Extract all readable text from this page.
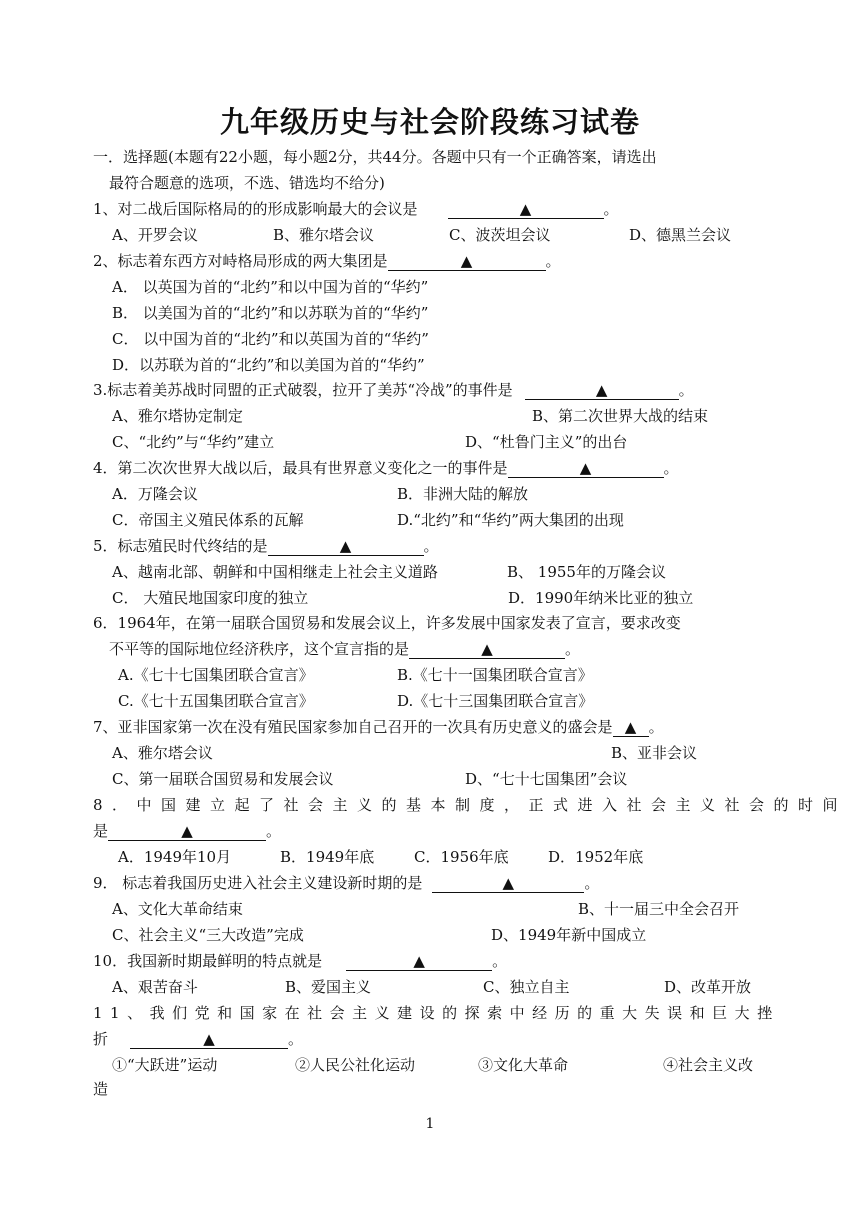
九年级历史与社会阶段练习试卷
一．选择题(本题有22小题，每小题2分，共44分。各题中只有一个正确答案，请选出
最符合题意的选项，不选、错选均不给分)
1、对二战后国际格局的的形成影响最大的会议是	▲	。
A、开罗会议	B、雅尔塔会议	C、波茨坦会议	D、德黑兰会议
2、标志着东西方对峙格局形成的两大集团是	▲	。
A． 以英国为首的“北约”和以中国为首的“华约”
B． 以美国为首的“北约”和以苏联为首的“华约”
C． 以中国为首的“北约”和以英国为首的“华约”
D．以苏联为首的“北约”和以美国为首的“华约”
3.标志着美苏战时同盟的正式破裂，拉开了美苏“冷战”的事件是	▲	。
A、雅尔塔协定制定	B、第二次世界大战的结束
C、“北约”与“华约”建立	D、“杜鲁门主义”的出台
4．第二次次世界大战以后，最具有世界意义变化之一的事件是	▲	。
A．万隆会议	B．非洲大陆的解放
C．帝国主义殖民体系的瓦解	D.“北约”和“华约”两大集团的出现
5．标志殖民时代终结的是	▲	。
A、越南北部、朝鲜和中国相继走上社会主义道路	B、 1955年的万隆会议
C． 大殖民地国家印度的独立	D．1990年纳米比亚的独立
6．1964年，在第一届联合国贸易和发展会议上，许多发展中国家发表了宣言，要求改变
不平等的国际地位经济秩序，这个宣言指的是	▲	。
A.《七十七国集团联合宣言》	B.《七十一国集团联合宣言》
C.《七十五国集团联合宣言》	D.《七十三国集团联合宣言》
7、亚非国家第一次在没有殖民国家参加自己召开的一次具有历史意义的盛会是 ▲ 。
A、雅尔塔会议	B、亚非会议
C、第一届联合国贸易和发展会议	D、“七十七国集团”会议
8．中国建立起了社会主义的基本制度，正式进入社会主义社会的时间
是	▲	。
A．1949年10月	B．1949年底	C．1956年底	D．1952年底
9． 标志着我国历史进入社会主义建设新时期的是	▲	。
A、文化大革命结束	B、十一届三中全会召开
C、社会主义“三大改造”完成	D、1949年新中国成立
10．我国新时期最鲜明的特点就是	▲	。
A、艰苦奋斗	B、爱国主义	C、独立自主	D、改革开放
11、我们党和国家在社会主义建设的探索中经历的重大失误和巨大挫
折	▲	。
①“大跃进”运动	②人民公社化运动	③文化大革命	④社会主义改
造
1
